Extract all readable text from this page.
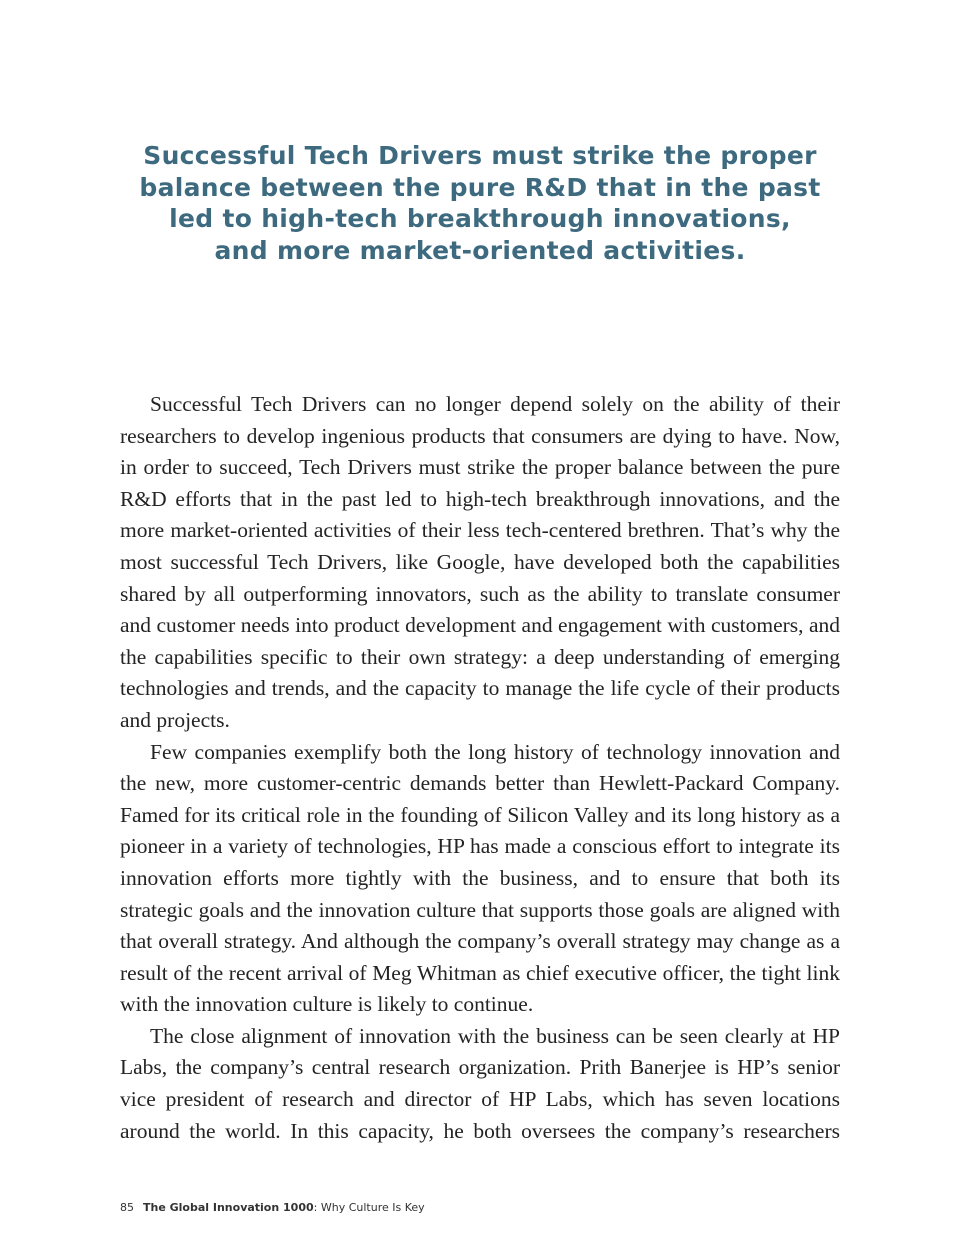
Successful Tech Drivers must strike the proper
balance between the pure R&D that in the past
led to high-tech breakthrough innovations,
and more market-oriented activities.

Successful Tech Drivers can no longer depend solely on the ability of their researchers to develop ingenious products that consumers are dying to have. Now, in order to succeed, Tech Drivers must strike the proper balance between the pure R&D efforts that in the past led to high-tech breakthrough innovations, and the more market-oriented activities of their less tech-centered brethren. That’s why the most successful Tech Drivers, like Google, have developed both the capabilities shared by all outperforming innovators, such as the ability to translate consumer and customer needs into product development and engagement with customers, and the capabilities specific to their own strategy: a deep understanding of emerging technologies and trends, and the capacity to manage the life cycle of their products and projects.

Few companies exemplify both the long history of technology innovation and the new, more customer-centric demands better than Hewlett-Packard Company. Famed for its critical role in the founding of Silicon Valley and its long history as a pioneer in a variety of technologies, HP has made a conscious effort to integrate its innovation efforts more tightly with the business, and to ensure that both its strategic goals and the innovation culture that supports those goals are aligned with that overall strategy. And although the company’s overall strategy may change as a result of the recent arrival of Meg Whitman as chief executive officer, the tight link with the innovation culture is likely to continue.

The close alignment of innovation with the business can be seen clearly at HP Labs, the company’s central research organization. Prith Banerjee is HP’s senior vice president of research and director of HP Labs, which has seven locations around the world. In this capacity, he both oversees the company’s researchers

85 The Global Innovation 1000: Why Culture Is Key
